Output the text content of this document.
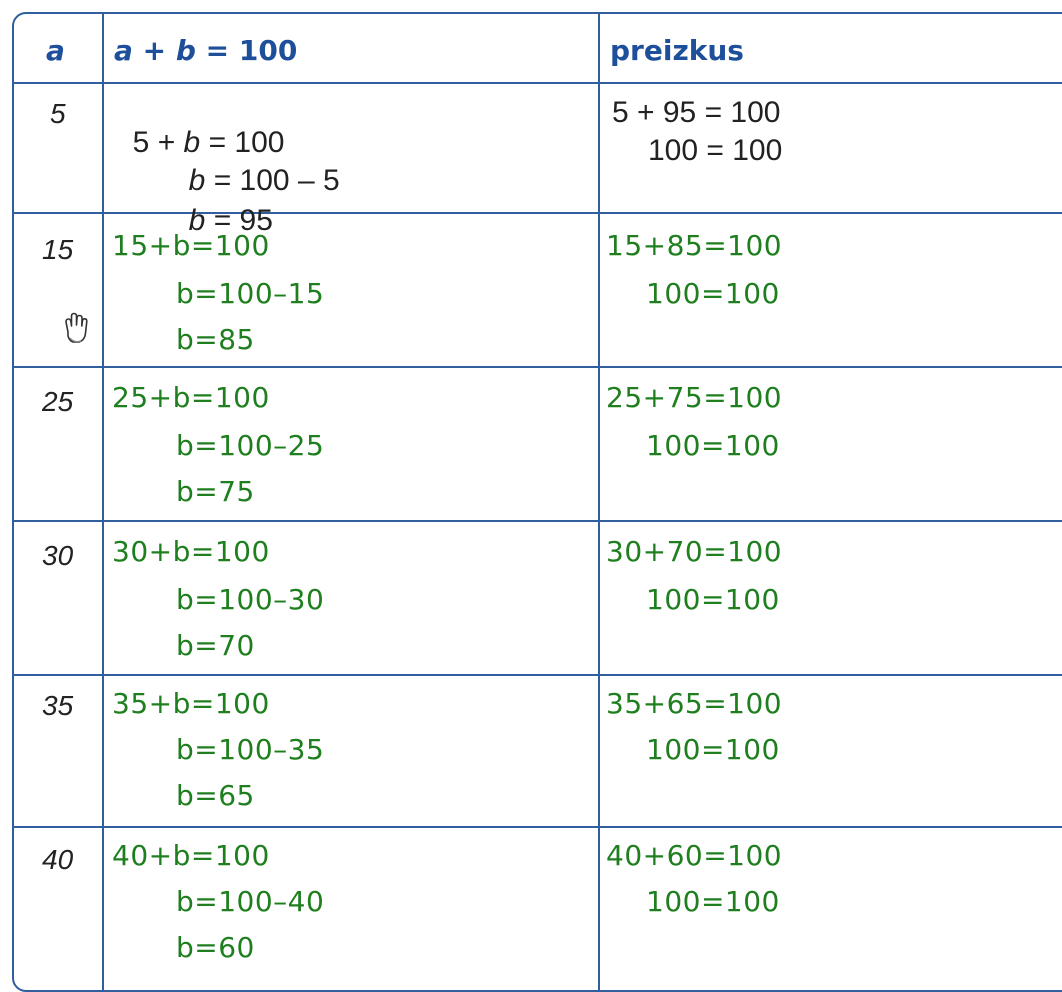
a a + b = 100	preizkus
5

5 + b = 100

b = 100 – 5

b = 95

5 + 95 = 100
100 = 100
15 15+b=100
b=100–15
b=85
15+85=100
100=100
25 25+b=100
b=100–25
b=75
25+75=100
100=100
30 30+b=100
b=100–30
b=70
30+70=100
100=100
35 35+b=100
b=100–35
b=65
35+65=100
100=100
40 40+b=100
b=100–40
b=60
40+60=100
100=100
